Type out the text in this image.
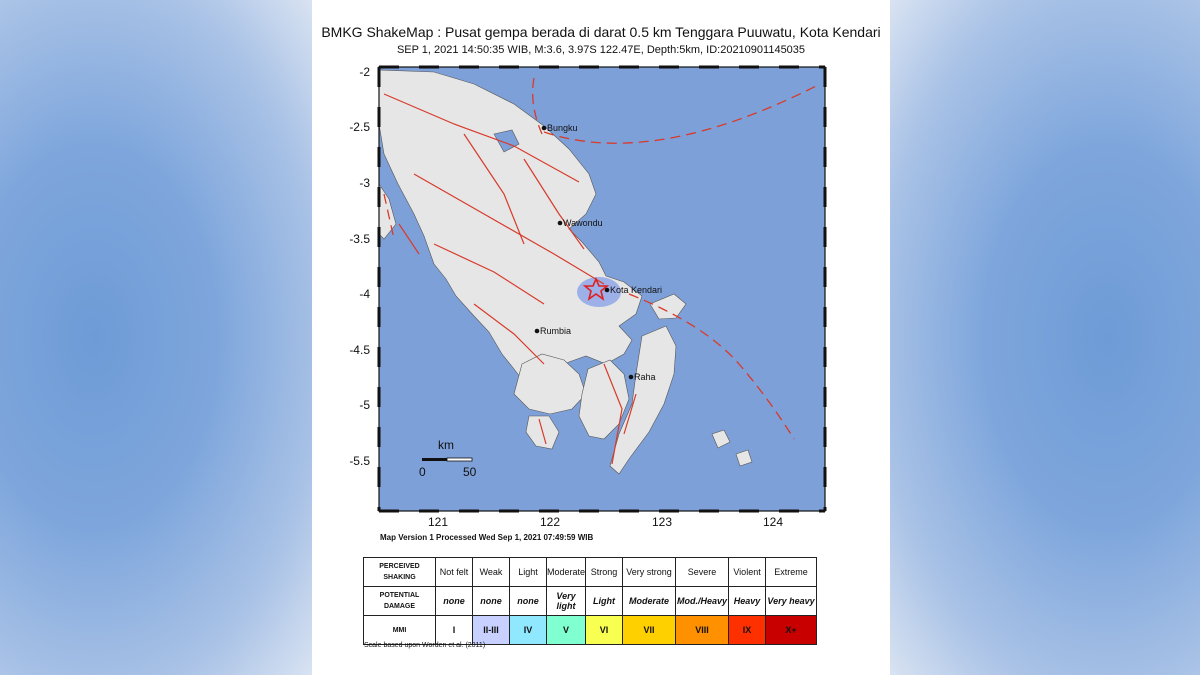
BMKG ShakeMap : Pusat gempa berada di darat 0.5 km Tenggara Puuwatu, Kota Kendari
SEP 1, 2021 14:50:35 WIB, M:3.6, 3.97S 122.47E, Depth:5km, ID:20210901145035
Bungku
Wawondu
Kota Kendari
Rumbia
Raha
km
0	50
-2
-2.5
-3
-3.5
-4
-4.5
-5
-5.5
121	122	123	124
Map Version 1 Processed Wed Sep 1, 2021 07:49:59 WIB
PERCEIVED SHAKING	Not felt	Weak	Light	Moderate	Strong	Very strong	Severe	Violent	Extreme
POTENTIAL DAMAGE	none	none	none	Very light	Light	Moderate	Mod./Heavy	Heavy	Very heavy
MMI	I	II-III	IV	V	VI	VII	VIII	IX	X+
Scale based upon Worden et al. (2011)
